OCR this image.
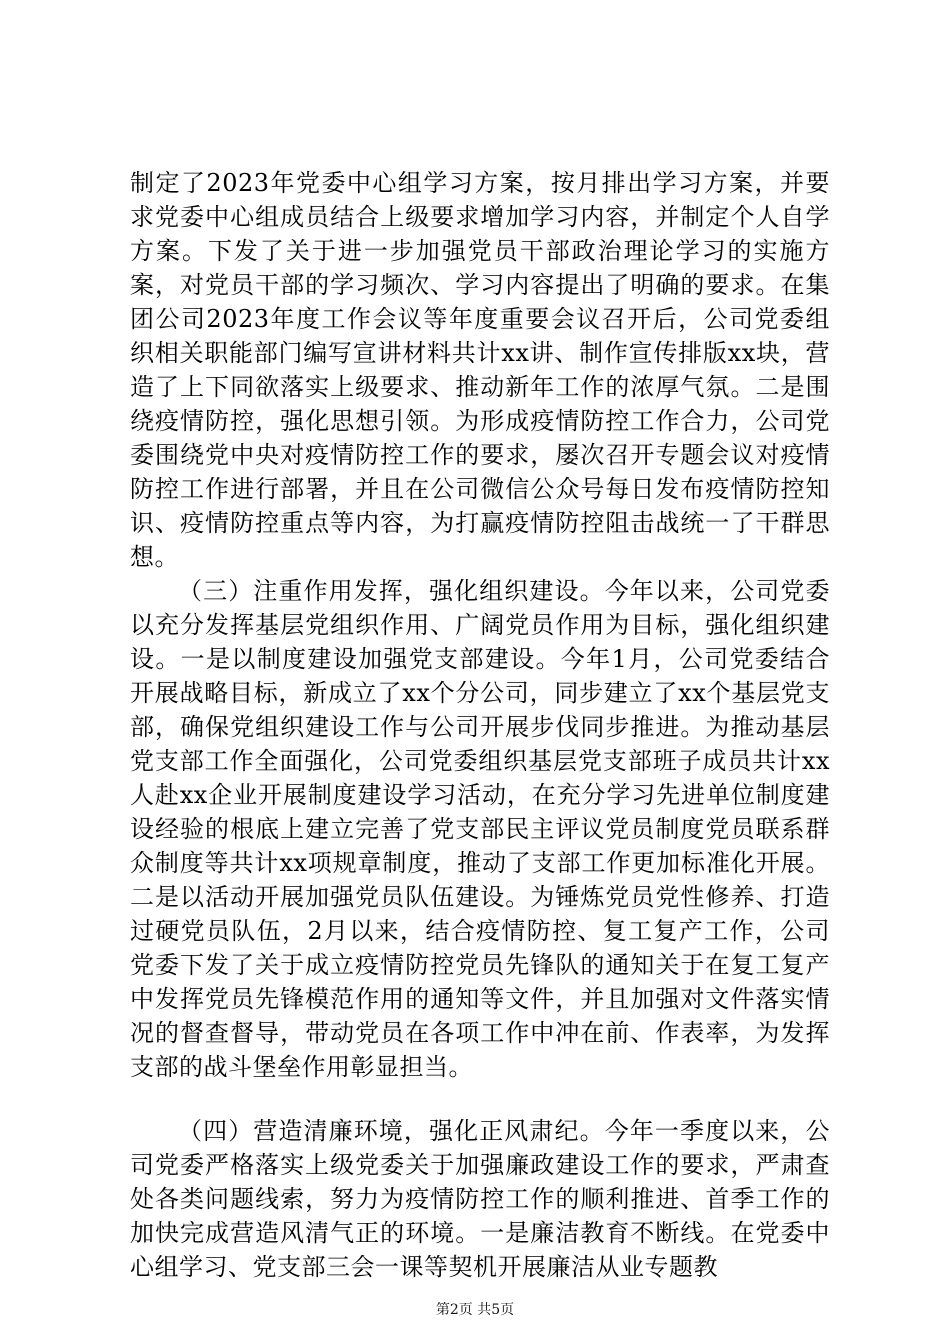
制定了2023年党委中心组学习方案，按月排出学习方案，并要求党委中心组成员结合上级要求增加学习内容，并制定个人自学方案。下发了关于进一步加强党员干部政治理论学习的实施方案，对党员干部的学习频次、学习内容提出了明确的要求。在集团公司2023年度工作会议等年度重要会议召开后，公司党委组织相关职能部门编写宣讲材料共计xx讲、制作宣传排版xx块，营造了上下同欲落实上级要求、推动新年工作的浓厚气氛。二是围绕疫情防控，强化思想引领。为形成疫情防控工作合力，公司党委围绕党中央对疫情防控工作的要求，屡次召开专题会议对疫情防控工作进行部署，并且在公司微信公众号每日发布疫情防控知识、疫情防控重点等内容，为打赢疫情防控阻击战统一了干群思想。

（三）注重作用发挥，强化组织建设。今年以来，公司党委以充分发挥基层党组织作用、广阔党员作用为目标，强化组织建设。一是以制度建设加强党支部建设。今年1月，公司党委结合开展战略目标，新成立了xx个分公司，同步建立了xx个基层党支部，确保党组织建设工作与公司开展步伐同步推进。为推动基层党支部工作全面强化，公司党委组织基层党支部班子成员共计xx人赴xx企业开展制度建设学习活动，在充分学习先进单位制度建设经验的根底上建立完善了党支部民主评议党员制度党员联系群众制度等共计xx项规章制度，推动了支部工作更加标准化开展。二是以活动开展加强党员队伍建设。为锤炼党员党性修养、打造过硬党员队伍，2月以来，结合疫情防控、复工复产工作，公司党委下发了关于成立疫情防控党员先锋队的通知关于在复工复产中发挥党员先锋模范作用的通知等文件，并且加强对文件落实情况的督查督导，带动党员在各项工作中冲在前、作表率，为发挥支部的战斗堡垒作用彰显担当。

（四）营造清廉环境，强化正风肃纪。今年一季度以来，公司党委严格落实上级党委关于加强廉政建设工作的要求，严肃查处各类问题线索，努力为疫情防控工作的顺利推进、首季工作的加快完成营造风清气正的环境。一是廉洁教育不断线。在党委中心组学习、党支部三会一课等契机开展廉洁从业专题教

第2页 共5页
